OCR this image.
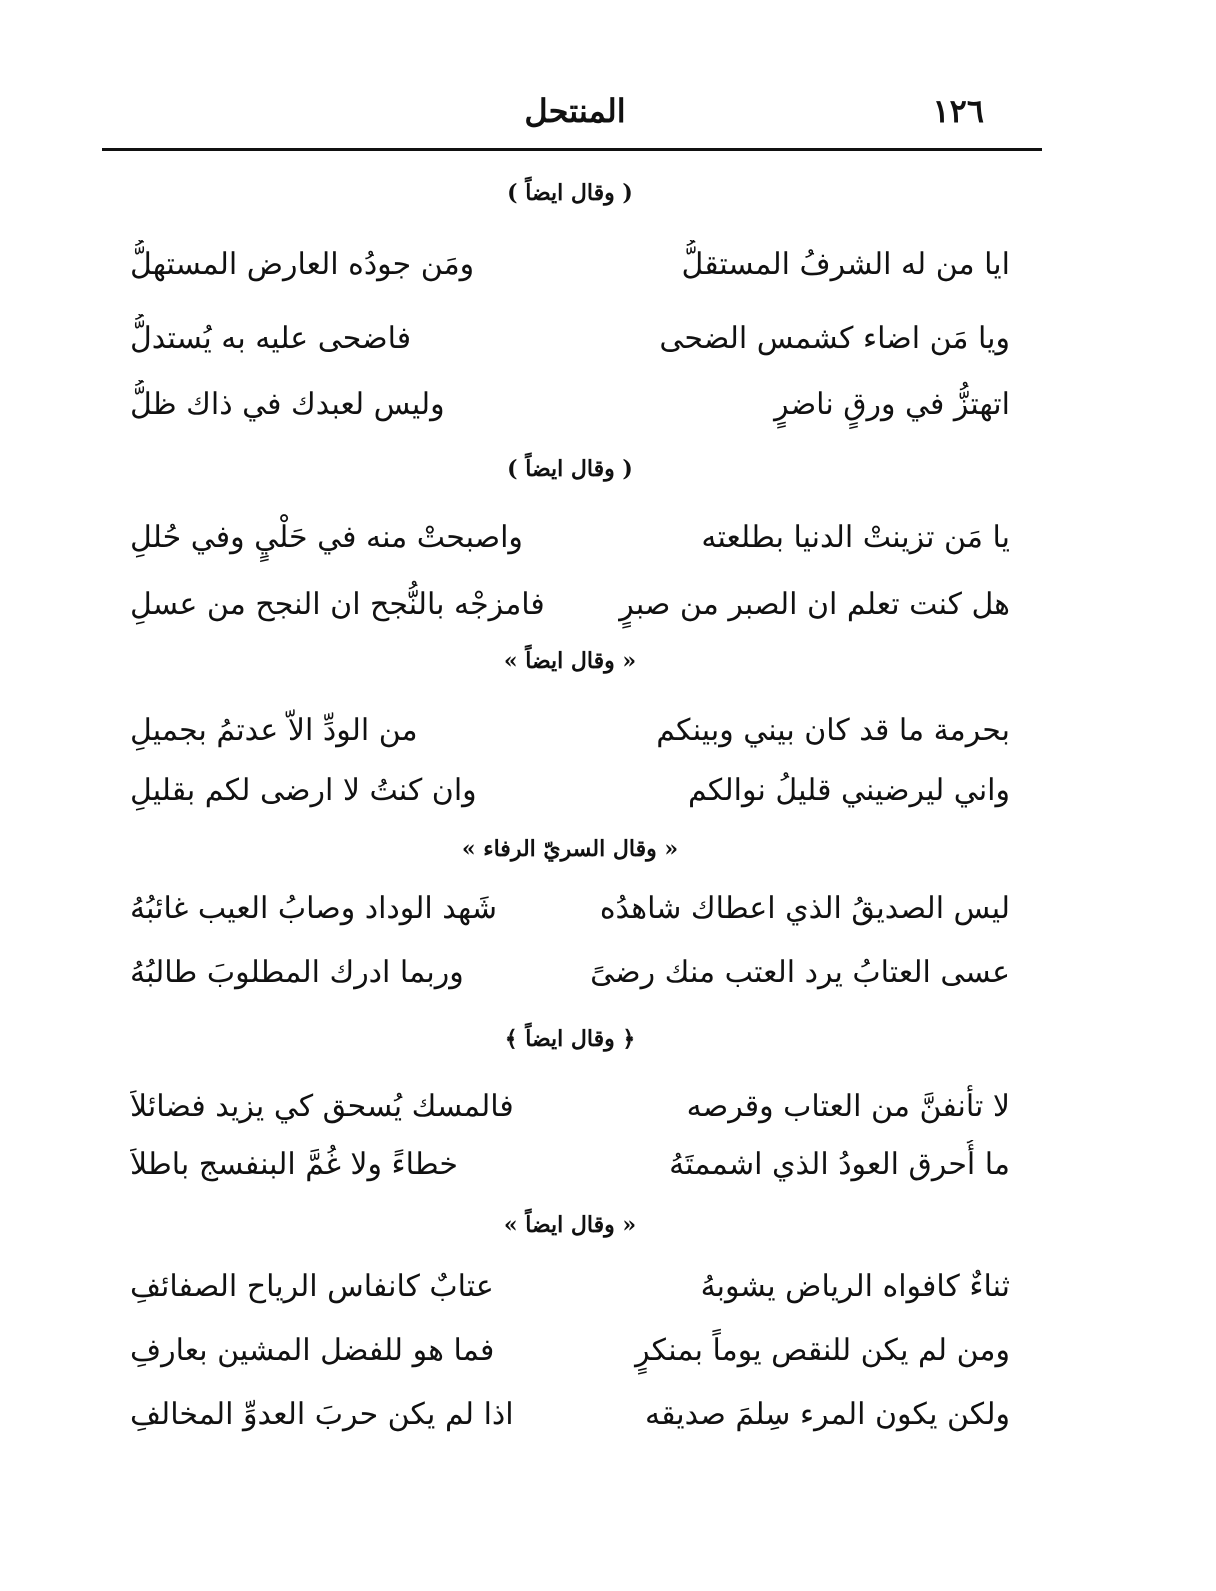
١٢٦
المنتحل
( وقال ايضاً )
ايا من له الشرفُ المستقلُّ
ومَن جودُه العارض المستهلُّ
ويا مَن اضاء كشمس الضحى
فاضحى عليه به يُستدلُّ
اتهتزُّ في ورقٍ ناضرٍ
وليس لعبدك في ذاك ظلُّ
( وقال ايضاً )
يا مَن تزينتْ الدنيا بطلعته
واصبحتْ منه في حَلْيٍ وفي حُللِ
هل كنت تعلم ان الصبر من صبرٍ
فامزجْه بالنُّجح ان النجح من عسلِ
« وقال ايضاً »
بحرمة ما قد كان بيني وبينكم
من الودِّ الاّ عدتمُ بجميلِ
واني ليرضيني قليلُ نوالكم
وان كنتُ لا ارضى لكم بقليلِ
« وقال السريّ الرفاء »
ليس الصديقُ الذي اعطاك شاهدُه
شَهد الوداد وصابُ العيب غائبُهُ
عسى العتابُ يرد العتب منك رضىً
وربما ادرك المطلوبَ طالبُهُ
﴿ وقال ايضاً ﴾
لا تأنفنَّ من العتاب وقرصه
فالمسك يُسحق كي يزيد فضائلاَ
ما أُحرق العودُ الذي اشممتَهُ
خطاءً ولا غُمَّ البنفسج باطلاَ
« وقال ايضاً »
ثناءٌ كافواه الرياض يشوبهُ
عتابٌ كانفاس الرياح الصفائفِ
ومن لم يكن للنقص يوماً بمنكرٍ
فما هو للفضل المشين بعارفِ
ولكن يكون المرء سِلمَ صديقه
اذا لم يكن حربَ العدوِّ المخالفِ
